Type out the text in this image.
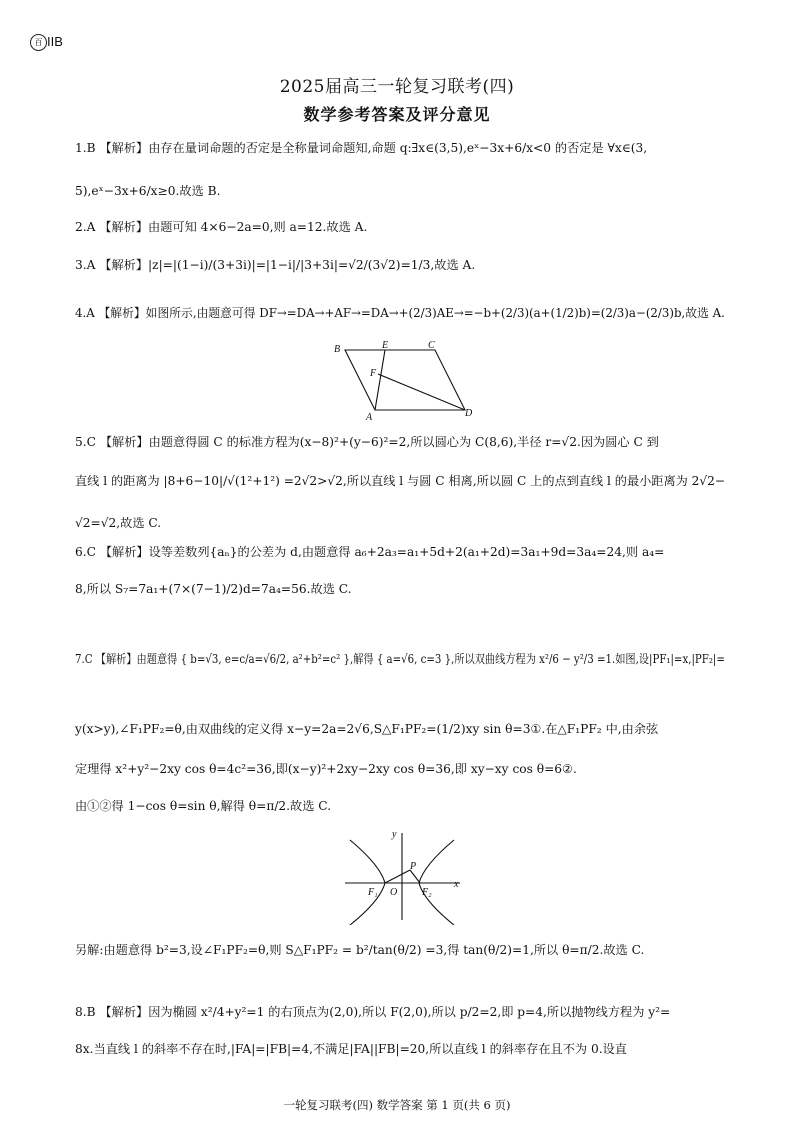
百 IIB
2025届高三一轮复习联考(四)
数学参考答案及评分意见
1.B 【解析】由存在量词命题的否定是全称量词命题知,命题 q:∃x∈(3,5),eˣ−3x+6/x<0 的否定是 ∀x∈(3,
5),eˣ−3x+6/x≥0.故选 B.
2.A 【解析】由题可知 4×6−2a=0,则 a=12.故选 A.
3.A 【解析】|z|=|(1−i)/(3+3i)|=|1−i|/|3+3i|=√2/(3√2)=1/3,故选 A.
4.A 【解析】如图所示,由题意可得 DF→=DA→+AF→=DA→+(2/3)AE→=−b+(2/3)(a+(1/2)b)=(2/3)a−(2/3)b,故选 A.
B	E	C
F
A	D
5.C 【解析】由题意得圆 C 的标准方程为(x−8)²+(y−6)²=2,所以圆心为 C(8,6),半径 r=√2.因为圆心 C 到
直线 l 的距离为 |8+6−10|/√(1²+1²) =2√2>√2,所以直线 l 与圆 C 相离,所以圆 C 上的点到直线 l 的最小距离为 2√2−
√2=√2,故选 C.
6.C 【解析】设等差数列{aₙ}的公差为 d,由题意得 a₆+2a₃=a₁+5d+2(a₁+2d)=3a₁+9d=3a₄=24,则 a₄=
8,所以 S₇=7a₁+(7×(7−1)/2)d=7a₄=56.故选 C.
7.C 【解析】由题意得 { b=√3, e=c/a=√6/2, a²+b²=c² },解得 { a=√6, c=3 },所以双曲线方程为 x²/6 − y²/3 =1.如图,设|PF₁|=x,|PF₂|=
y(x>y),∠F₁PF₂=θ,由双曲线的定义得 x−y=2a=2√6,S△F₁PF₂=(1/2)xy sin θ=3①.在△F₁PF₂ 中,由余弦
定理得 x²+y²−2xy cos θ=4c²=36,即(x−y)²+2xy−2xy cos θ=36,即 xy−xy cos θ=6②.
由①②得 1−cos θ=sin θ,解得 θ=π/2.故选 C.
y
P
F₁ O F₂
x
另解:由题意得 b²=3,设∠F₁PF₂=θ,则 S△F₁PF₂ = b²/tan(θ/2) =3,得 tan(θ/2)=1,所以 θ=π/2.故选 C.
8.B 【解析】因为椭圆 x²/4+y²=1 的右顶点为(2,0),所以 F(2,0),所以 p/2=2,即 p=4,所以抛物线方程为 y²=
8x.当直线 l 的斜率不存在时,|FA|=|FB|=4,不满足|FA||FB|=20,所以直线 l 的斜率存在且不为 0.设直
一轮复习联考(四) 数学答案 第 1 页(共 6 页)
